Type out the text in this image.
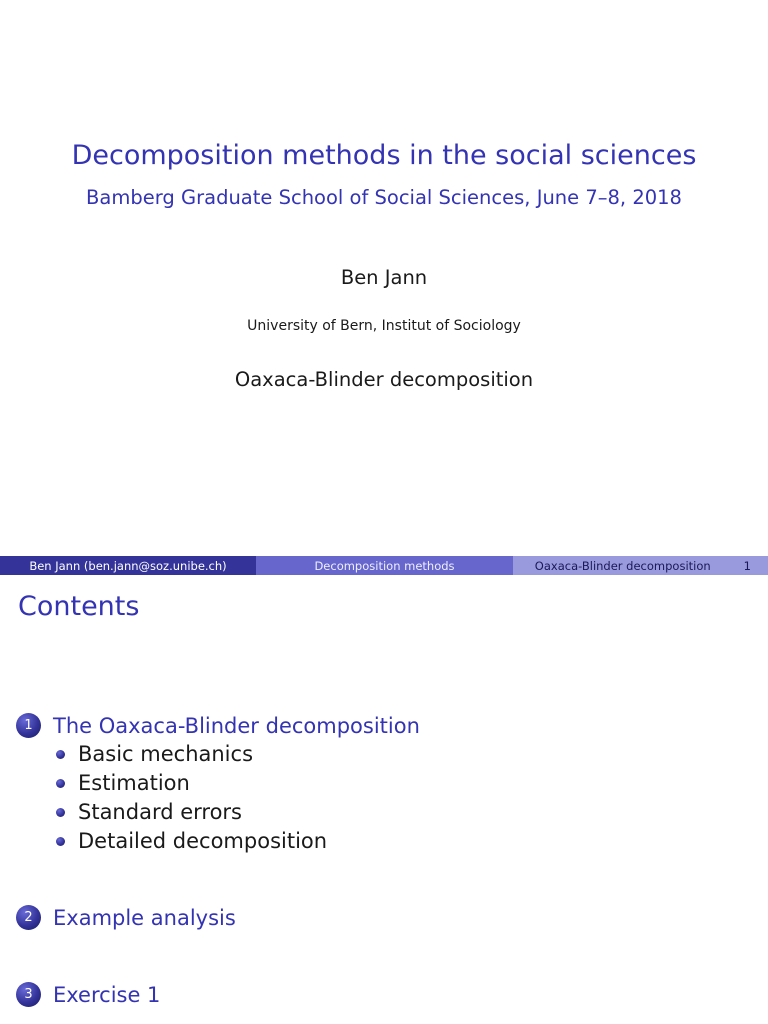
Decomposition methods in the social sciences
Bamberg Graduate School of Social Sciences, June 7–8, 2018
Ben Jann
University of Bern, Institut of Sociology
Oaxaca-Blinder decomposition
Ben Jann (ben.jann@soz.unibe.ch)	Decomposition methods	Oaxaca-Blinder decomposition	1
Contents
1 The Oaxaca-Blinder decomposition
Basic mechanics
Estimation
Standard errors
Detailed decomposition
2 Example analysis
3 Exercise 1
